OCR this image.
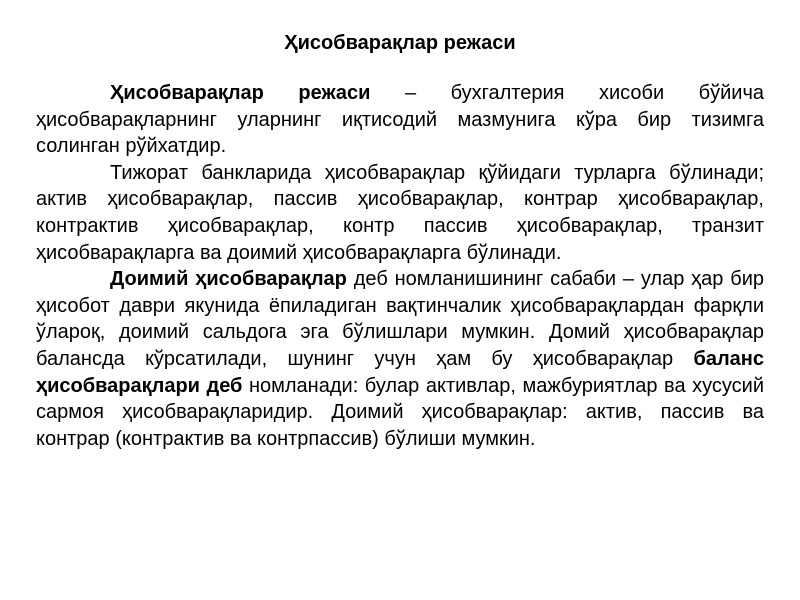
Ҳисобварақлар режаси

Ҳисобварақлар режаси – бухгалтерия хисоби бўйича ҳисобварақларнинг уларнинг иқтисодий мазмунига кўра бир тизимга солинган рўйхатдир.

Тижорат банкларида ҳисобварақлар қўйидаги турларга бўлинади; актив ҳисобварақлар, пассив ҳисобварақлар, контрар ҳисобварақлар, контрактив ҳисобварақлар, контр пассив ҳисобварақлар, транзит ҳисобварақларга ва доимий ҳисобварақларга бўлинади.

Доимий ҳисобварақлар деб номланишининг сабаби – улар ҳар бир ҳисобот даври якунида ёпиладиган вақтинчалик ҳисобварақлардан фарқли ўлароқ, доимий сальдога эга бўлишлари мумкин. Домий ҳисобварақлар балансда кўрсатилади, шунинг учун ҳам бу ҳисобварақлар баланс ҳисобварақлари деб номланади: булар активлар, мажбуриятлар ва хусусий сармоя ҳисобварақларидир. Доимий ҳисобварақлар: актив, пассив ва контрар (контрактив ва контрпассив) бўлиши мумкин.
